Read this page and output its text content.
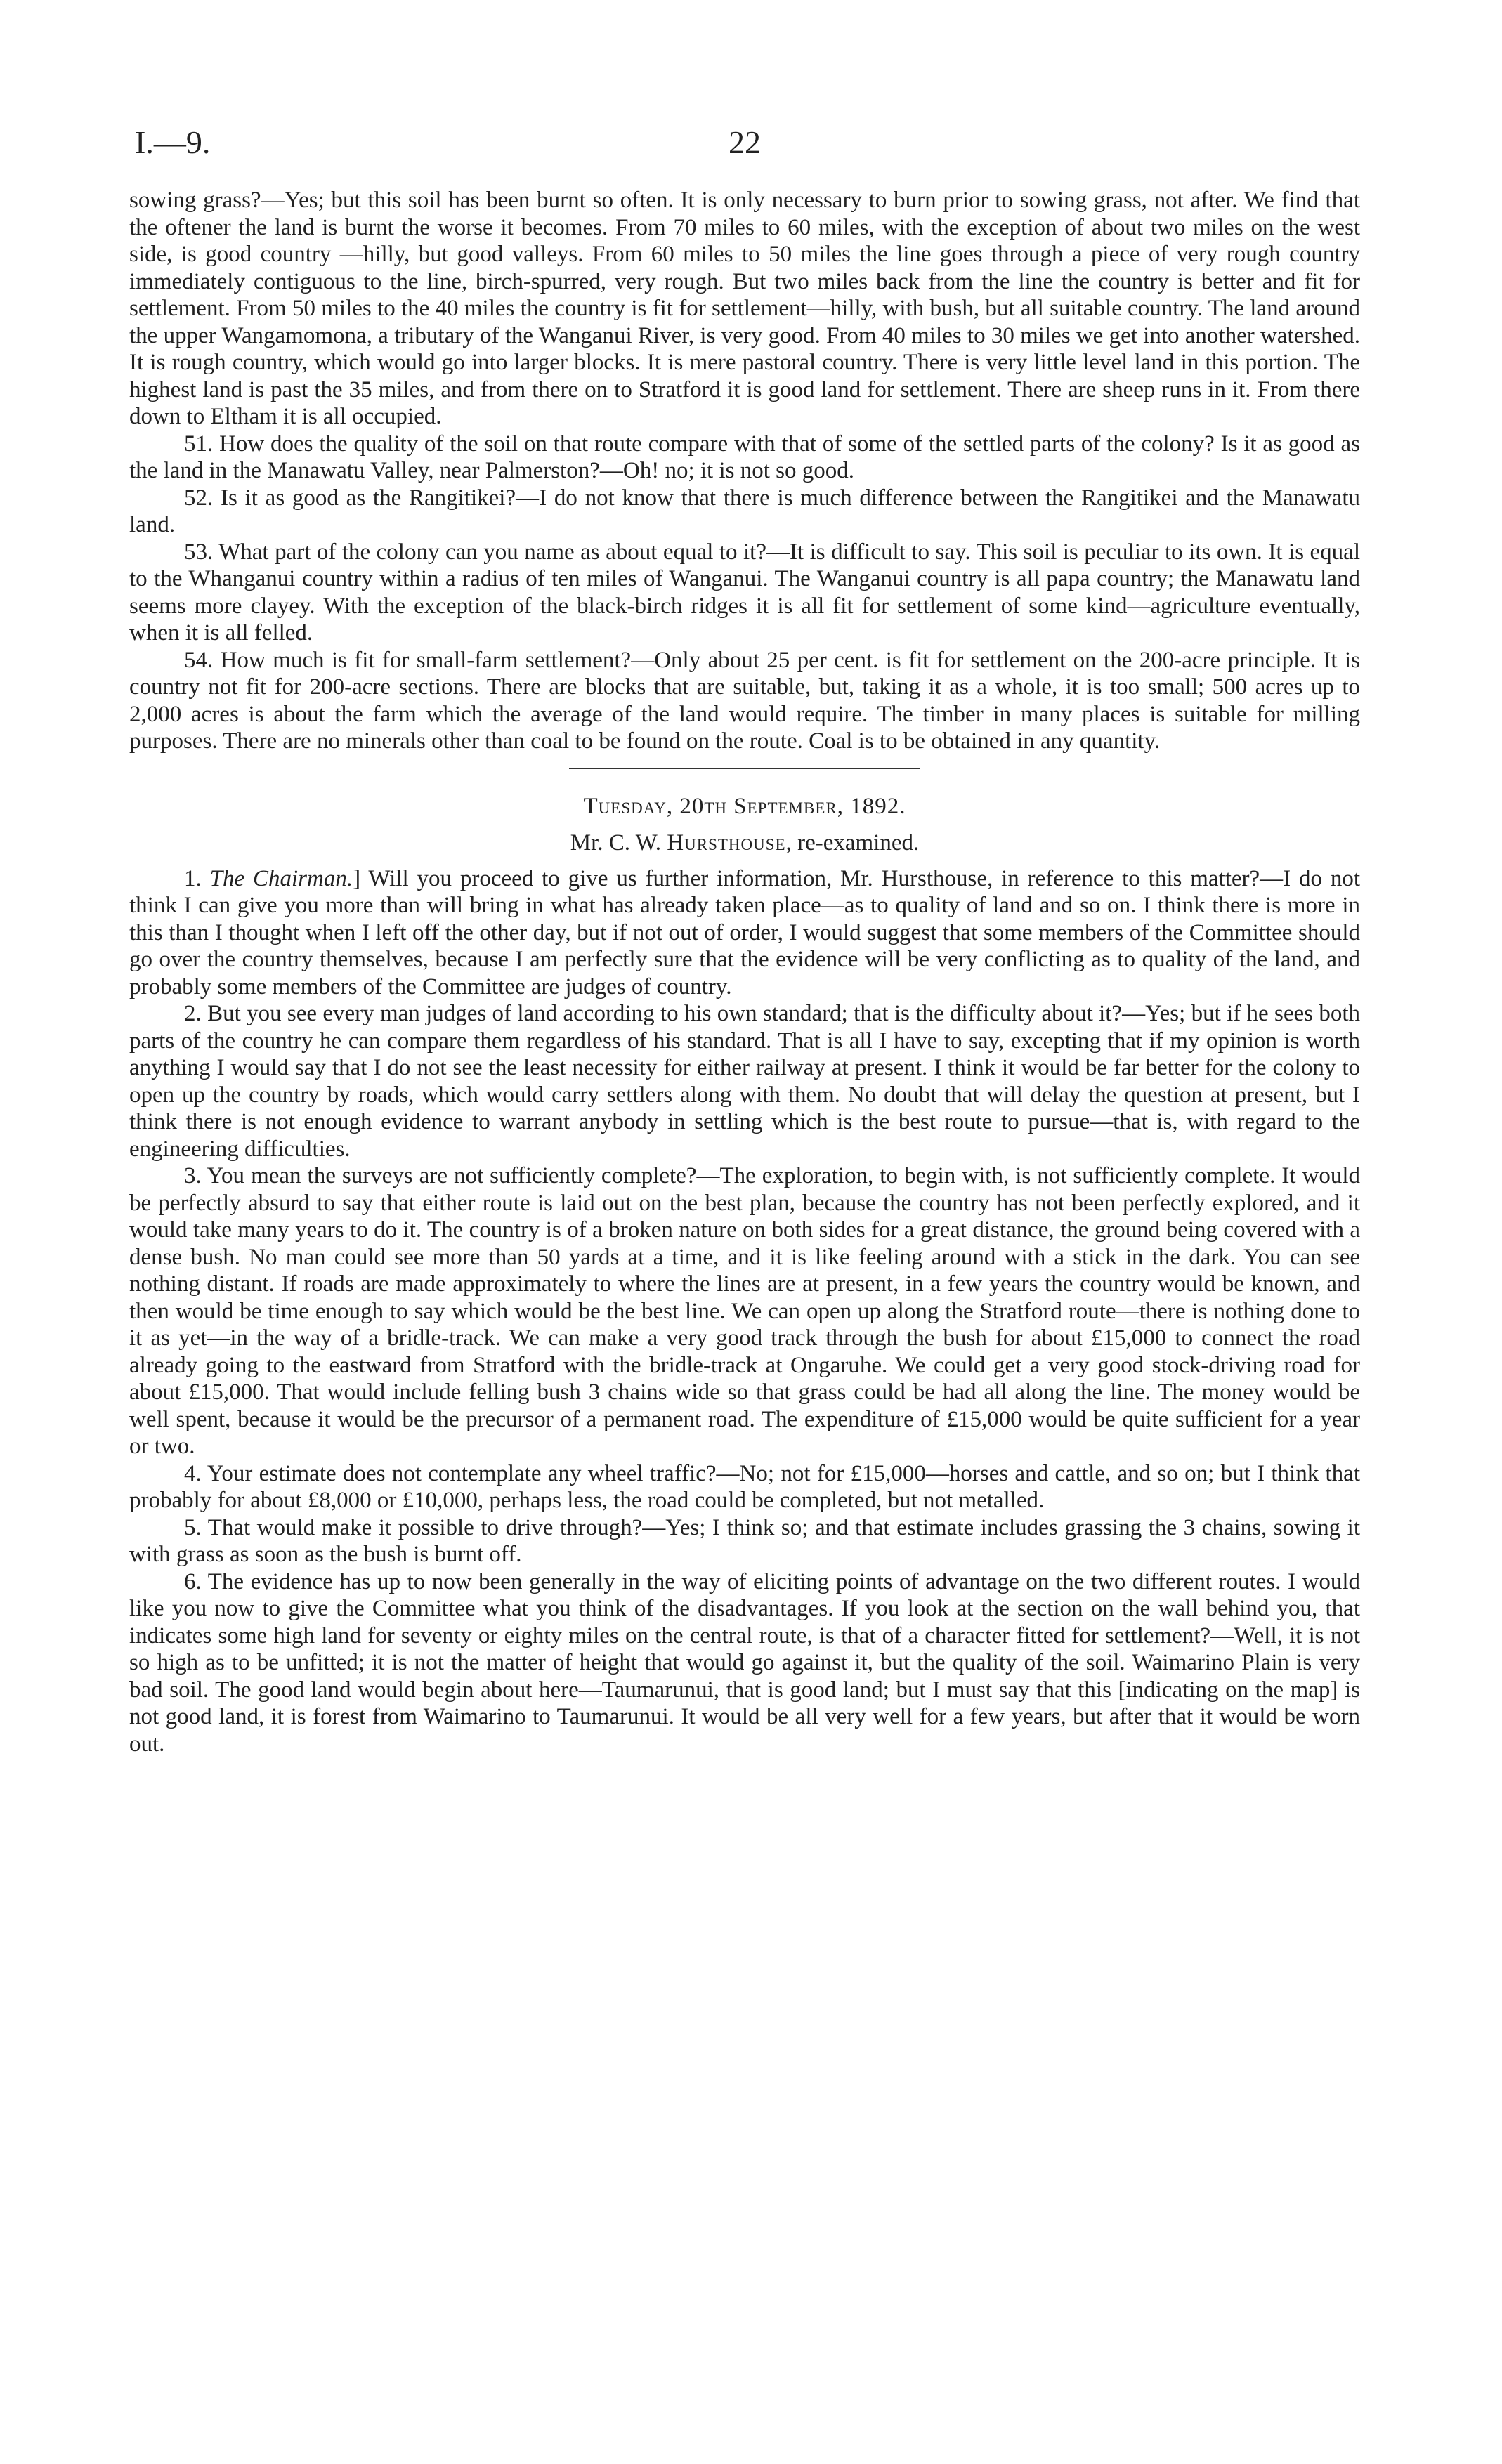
I.—9.	22

sowing grass?—Yes; but this soil has been burnt so often. It is only necessary to burn prior to sowing grass, not after. We find that the oftener the land is burnt the worse it becomes. From 70 miles to 60 miles, with the exception of about two miles on the west side, is good country —hilly, but good valleys. From 60 miles to 50 miles the line goes through a piece of very rough country immediately contiguous to the line, birch-spurred, very rough. But two miles back from the line the country is better and fit for settlement. From 50 miles to the 40 miles the country is fit for settlement—hilly, with bush, but all suitable country. The land around the upper Wangamomona, a tributary of the Wanganui River, is very good. From 40 miles to 30 miles we get into another watershed. It is rough country, which would go into larger blocks. It is mere pastoral country. There is very little level land in this portion. The highest land is past the 35 miles, and from there on to Stratford it is good land for settlement. There are sheep runs in it. From there down to Eltham it is all occupied.

51. How does the quality of the soil on that route compare with that of some of the settled parts of the colony? Is it as good as the land in the Manawatu Valley, near Palmerston?—Oh! no; it is not so good.

52. Is it as good as the Rangitikei?—I do not know that there is much difference between the Rangitikei and the Manawatu land.

53. What part of the colony can you name as about equal to it?—It is difficult to say. This soil is peculiar to its own. It is equal to the Whanganui country within a radius of ten miles of Wanganui. The Wanganui country is all papa country; the Manawatu land seems more clayey. With the exception of the black-birch ridges it is all fit for settlement of some kind—agriculture eventually, when it is all felled.

54. How much is fit for small-farm settlement?—Only about 25 per cent. is fit for settlement on the 200-acre principle. It is country not fit for 200-acre sections. There are blocks that are suitable, but, taking it as a whole, it is too small; 500 acres up to 2,000 acres is about the farm which the average of the land would require. The timber in many places is suitable for milling purposes. There are no minerals other than coal to be found on the route. Coal is to be obtained in any quantity.

Tuesday, 20th September, 1892.
Mr. C. W. Hursthouse, re-examined.

1. The Chairman.] Will you proceed to give us further information, Mr. Hursthouse, in reference to this matter?—I do not think I can give you more than will bring in what has already taken place—as to quality of land and so on. I think there is more in this than I thought when I left off the other day, but if not out of order, I would suggest that some members of the Committee should go over the country themselves, because I am perfectly sure that the evidence will be very conflicting as to quality of the land, and probably some members of the Committee are judges of country.

2. But you see every man judges of land according to his own standard; that is the difficulty about it?—Yes; but if he sees both parts of the country he can compare them regardless of his standard. That is all I have to say, excepting that if my opinion is worth anything I would say that I do not see the least necessity for either railway at present. I think it would be far better for the colony to open up the country by roads, which would carry settlers along with them. No doubt that will delay the question at present, but I think there is not enough evidence to warrant anybody in settling which is the best route to pursue—that is, with regard to the engineering difficulties.

3. You mean the surveys are not sufficiently complete?—The exploration, to begin with, is not sufficiently complete. It would be perfectly absurd to say that either route is laid out on the best plan, because the country has not been perfectly explored, and it would take many years to do it. The country is of a broken nature on both sides for a great distance, the ground being covered with a dense bush. No man could see more than 50 yards at a time, and it is like feeling around with a stick in the dark. You can see nothing distant. If roads are made approximately to where the lines are at present, in a few years the country would be known, and then would be time enough to say which would be the best line. We can open up along the Stratford route—there is nothing done to it as yet—in the way of a bridle-track. We can make a very good track through the bush for about £15,000 to connect the road already going to the eastward from Stratford with the bridle-track at Ongaruhe. We could get a very good stock-driving road for about £15,000. That would include felling bush 3 chains wide so that grass could be had all along the line. The money would be well spent, because it would be the precursor of a permanent road. The expenditure of £15,000 would be quite sufficient for a year or two.

4. Your estimate does not contemplate any wheel traffic?—No; not for £15,000—horses and cattle, and so on; but I think that probably for about £8,000 or £10,000, perhaps less, the road could be completed, but not metalled.

5. That would make it possible to drive through?—Yes; I think so; and that estimate includes grassing the 3 chains, sowing it with grass as soon as the bush is burnt off.

6. The evidence has up to now been generally in the way of eliciting points of advantage on the two different routes. I would like you now to give the Committee what you think of the disadvantages. If you look at the section on the wall behind you, that indicates some high land for seventy or eighty miles on the central route, is that of a character fitted for settlement?—Well, it is not so high as to be unfitted; it is not the matter of height that would go against it, but the quality of the soil. Waimarino Plain is very bad soil. The good land would begin about here—Taumarunui, that is good land; but I must say that this [indicating on the map] is not good land, it is forest from Waimarino to Taumarunui. It would be all very well for a few years, but after that it would be worn out.
